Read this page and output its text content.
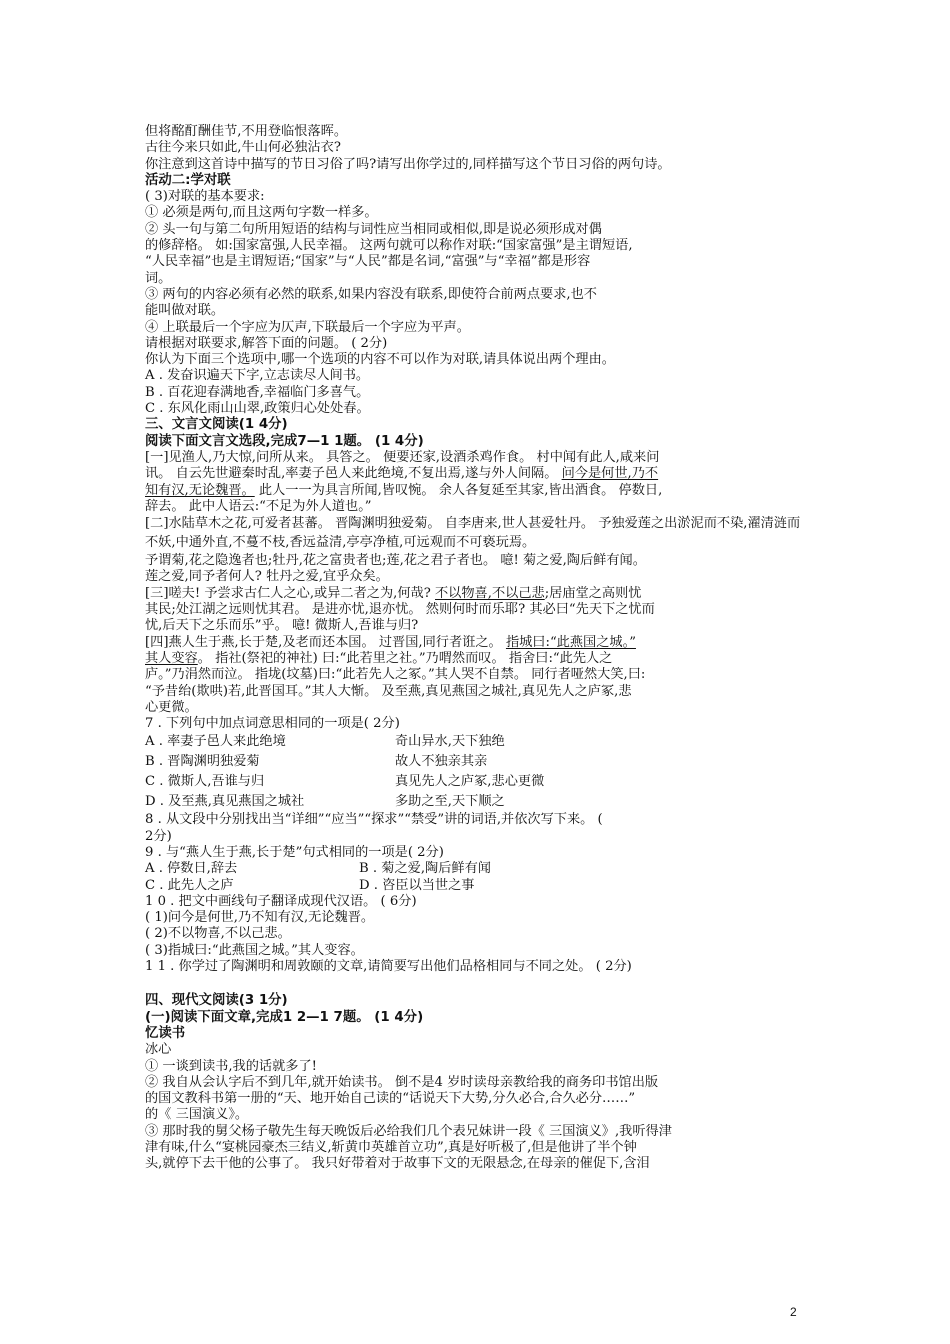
但将酩酊酬佳节,不用登临恨落晖。
古往今来只如此,牛山何必独沾衣?
你注意到这首诗中描写的节日习俗了吗?请写出你学过的,同样描写这个节日习俗的两句诗。
活动二:学对联
( 3)对联的基本要求:
① 必须是两句,而且这两句字数一样多。
② 头一句与第二句所用短语的结构与词性应当相同或相似,即是说必须形成对偶
的修辞格。 如:国家富强,人民幸福。 这两句就可以称作对联:“国家富强”是主谓短语,
“人民幸福”也是主谓短语;“国家”与“人民”都是名词,“富强”与“幸福”都是形容
词。
③ 两句的内容必须有必然的联系,如果内容没有联系,即使符合前两点要求,也不
能叫做对联。
④ 上联最后一个字应为仄声,下联最后一个字应为平声。
请根据对联要求,解答下面的问题。 ( 2分)
你认为下面三个选项中,哪一个选项的内容不可以作为对联,请具体说出两个理由。
A . 发奋识遍天下字,立志读尽人间书。
B . 百花迎春满地香,幸福临门多喜气。
C . 东风化雨山山翠,政策归心处处春。
三、文言文阅读(1 4分)
阅读下面文言文选段,完成7—1 1题。 (1 4分)
[一]见渔人,乃大惊,问所从来。 具答之。 便要还家,设酒杀鸡作食。 村中闻有此人,咸来问
讯。 自云先世避秦时乱,率妻子邑人来此绝境,不复出焉,遂与外人间隔。 问今是何世,乃不
知有汉,无论魏晋。 此人一一为具言所闻,皆叹惋。 余人各复延至其家,皆出酒食。 停数日,
辞去。 此中人语云:“不足为外人道也。”
[二]水陆草木之花,可爱者甚蕃。 晋陶渊明独爱菊。 自李唐来,世人甚爱牡丹。 予独爱莲之出淤泥而不染,濯清涟而不妖,中通外直,不蔓不枝,香远益清,亭亭净植,可远观而不可亵玩焉。
予谓菊,花之隐逸者也;牡丹,花之富贵者也;莲,花之君子者也。 噫! 菊之爱,陶后鲜有闻。
莲之爱,同予者何人? 牡丹之爱,宜乎众矣。
[三]嗟夫! 予尝求古仁人之心,或异二者之为,何哉? 不以物喜,不以己悲;居庙堂之高则忧
其民;处江湖之远则忧其君。 是进亦忧,退亦忧。 然则何时而乐耶? 其必曰“先天下之忧而
忧,后天下之乐而乐”乎。 噫! 微斯人,吾谁与归?
[四]燕人生于燕,长于楚,及老而还本国。 过晋国,同行者诳之。 指城曰:“此燕国之城。”
其人变容。 指社(祭祀的神社) 曰:“此若里之社。”乃喟然而叹。 指舍曰:“此先人之
庐。”乃涓然而泣。 指垅(坟墓)曰:“此若先人之冢。”其人哭不自禁。 同行者哑然大笑,曰:
“予昔绐(欺哄)若,此晋国耳。”其人大惭。 及至燕,真见燕国之城社,真见先人之庐冢,悲
心更微。
7 . 下列句中加点词意思相同的一项是( 2分)
A . 率妻子邑人来此绝境	奇山异水,天下独绝
B . 晋陶渊明独爱菊	故人不独亲其亲
C . 微斯人,吾谁与归	真见先人之庐冢,悲心更微
D . 及至燕,真见燕国之城社	多助之至,天下顺之
8 . 从文段中分别找出当“详细”“应当”“探求”“禁受”讲的词语,并依次写下来。 (
2分)
9 . 与“燕人生于燕,长于楚”句式相同的一项是( 2分)
A . 停数日,辞去	B . 菊之爱,陶后鲜有闻
C . 此先人之庐	D . 咨臣以当世之事
1 0 . 把文中画线句子翻译成现代汉语。 ( 6分)
( 1)问今是何世,乃不知有汉,无论魏晋。
( 2)不以物喜,不以己悲。
( 3)指城曰:“此燕国之城。”其人变容。
1 1 . 你学过了陶渊明和周敦颐的文章,请简要写出他们品格相同与不同之处。 ( 2分)
四、现代文阅读(3 1分)
(一)阅读下面文章,完成1 2—1 7题。 (1 4分)
忆读书
冰心
① 一谈到读书,我的话就多了!
② 我自从会认字后不到几年,就开始读书。 倒不是4 岁时读母亲教给我的商务印书馆出版
的国文教科书第一册的“天、地开始自己读的“话说天下大势,分久必合,合久必分……”
的《 三国演义》。
③ 那时我的舅父杨子敬先生每天晚饭后必给我们几个表兄妹讲一段《 三国演义》,我听得津
津有味,什么“宴桃园豪杰三结义,斩黄巾英雄首立功”,真是好听极了,但是他讲了半个钟
头,就停下去干他的公事了。 我只好带着对于故事下文的无限悬念,在母亲的催促下,含泪
2
